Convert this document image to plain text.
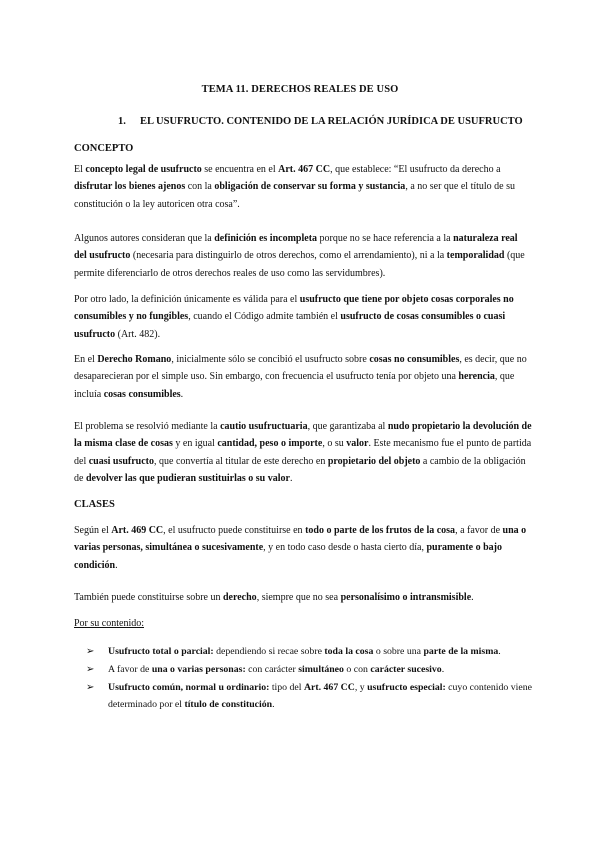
TEMA 11. DERECHOS REALES DE USO
1. EL USUFRUCTO. CONTENIDO DE LA RELACIÓN JURÍDICA DE USUFRUCTO
CONCEPTO

El concepto legal de usufructo se encuentra en el Art. 467 CC, que establece: “El usufructo da derecho a disfrutar los bienes ajenos con la obligación de conservar su forma y sustancia, a no ser que el título de su constitución o la ley autoricen otra cosa”.

Algunos autores consideran que la definición es incompleta porque no se hace referencia a la naturaleza real del usufructo (necesaria para distinguirlo de otros derechos, como el arrendamiento), ni a la temporalidad (que permite diferenciarlo de otros derechos reales de uso como las servidumbres).

Por otro lado, la definición únicamente es válida para el usufructo que tiene por objeto cosas corporales no consumibles y no fungibles, cuando el Código admite también el usufructo de cosas consumibles o cuasi usufructo (Art. 482).

En el Derecho Romano, inicialmente sólo se concibió el usufructo sobre cosas no consumibles, es decir, que no desaparecieran por el simple uso. Sin embargo, con frecuencia el usufructo tenía por objeto una herencia, que incluía cosas consumibles.

El problema se resolvió mediante la cautio usufructuaria, que garantizaba al nudo propietario la devolución de la misma clase de cosas y en igual cantidad, peso o importe, o su valor. Este mecanismo fue el punto de partida del cuasi usufructo, que convertía al titular de este derecho en propietario del objeto a cambio de la obligación de devolver las que pudieran sustituirlas o su valor.

CLASES

Según el Art. 469 CC, el usufructo puede constituirse en todo o parte de los frutos de la cosa, a favor de una o varias personas, simultánea o sucesivamente, y en todo caso desde o hasta cierto día, puramente o bajo condición.

También puede constituirse sobre un derecho, siempre que no sea personalísimo o intransmisible.

Por su contenido:
➢ Usufructo total o parcial: dependiendo si recae sobre toda la cosa o sobre una parte de la misma.
➢ A favor de una o varias personas: con carácter simultáneo o con carácter sucesivo.
➢ Usufructo común, normal u ordinario: tipo del Art. 467 CC, y usufructo especial: cuyo contenido viene determinado por el título de constitución.
